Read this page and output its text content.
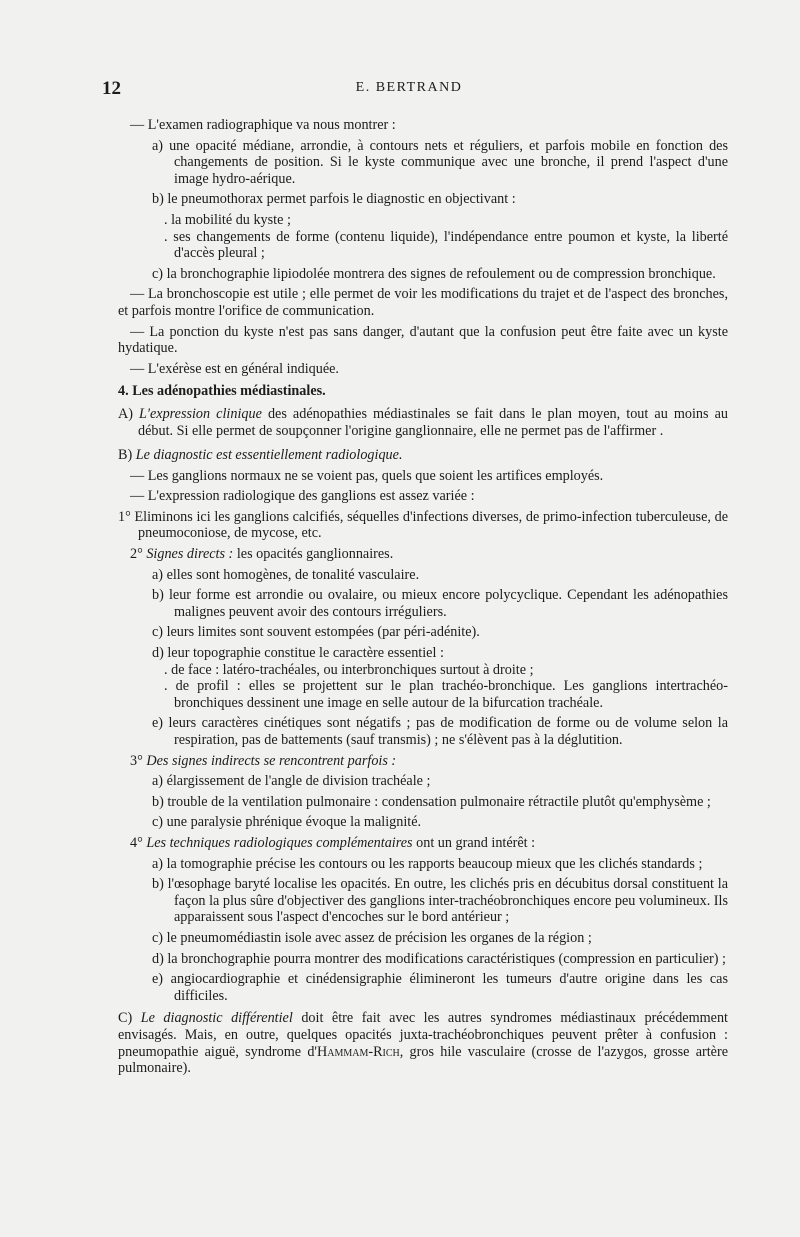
12	E. BERTRAND

— L'examen radiographique va nous montrer :

a) une opacité médiane, arrondie, à contours nets et réguliers, et parfois mobile en fonction des changements de position. Si le kyste communique avec une bronche, il prend l'aspect d'une image hydro-aérique.

b) le pneumothorax permet parfois le diagnostic en objectivant :

. la mobilité du kyste ;

. ses changements de forme (contenu liquide), l'indépendance entre poumon et kyste, la liberté d'accès pleural ;

c) la bronchographie lipiodolée montrera des signes de refoulement ou de compression bronchique.

— La bronchoscopie est utile ; elle permet de voir les modifications du trajet et de l'aspect des bronches, et parfois montre l'orifice de communication.

— La ponction du kyste n'est pas sans danger, d'autant que la confusion peut être faite avec un kyste hydatique.

— L'exérèse est en général indiquée.

4. Les adénopathies médiastinales.

A) L'expression clinique des adénopathies médiastinales se fait dans le plan moyen, tout au moins au début. Si elle permet de soupçonner l'origine ganglionnaire, elle ne permet pas de l'affirmer .

B) Le diagnostic est essentiellement radiologique.

— Les ganglions normaux ne se voient pas, quels que soient les artifices employés.

— L'expression radiologique des ganglions est assez variée :

1° Eliminons ici les ganglions calcifiés, séquelles d'infections diverses, de primo-infection tuberculeuse, de pneumoconiose, de mycose, etc.

2° Signes directs : les opacités ganglionnaires.

a) elles sont homogènes, de tonalité vasculaire.

b) leur forme est arrondie ou ovalaire, ou mieux encore polycyclique. Cependant les adénopathies malignes peuvent avoir des contours irréguliers.

c) leurs limites sont souvent estompées (par péri-adénite).

d) leur topographie constitue le caractère essentiel :

. de face : latéro-trachéales, ou interbronchiques surtout à droite ;

. de profil : elles se projettent sur le plan trachéo-bronchique. Les ganglions intertrachéo-bronchiques dessinent une image en selle autour de la bifurcation trachéale.

e) leurs caractères cinétiques sont négatifs ; pas de modification de forme ou de volume selon la respiration, pas de battements (sauf transmis) ; ne s'élèvent pas à la déglutition.

3° Des signes indirects se rencontrent parfois :

a) élargissement de l'angle de division trachéale ;

b) trouble de la ventilation pulmonaire : condensation pulmonaire rétractile plutôt qu'emphysème ;

c) une paralysie phrénique évoque la malignité.

4° Les techniques radiologiques complémentaires ont un grand intérêt :

a) la tomographie précise les contours ou les rapports beaucoup mieux que les clichés standards ;

b) l'œsophage baryté localise les opacités. En outre, les clichés pris en décubitus dorsal constituent la façon la plus sûre d'objectiver des ganglions inter-trachéobronchiques encore peu volumineux. Ils apparaissent sous l'aspect d'encoches sur le bord antérieur ;

c) le pneumomédiastin isole avec assez de précision les organes de la région ;

d) la bronchographie pourra montrer des modifications caractéristiques (compression en particulier) ;

e) angiocardiographie et cinédensigraphie élimineront les tumeurs d'autre origine dans les cas difficiles.

C) Le diagnostic différentiel doit être fait avec les autres syndromes médiastinaux précédemment envisagés. Mais, en outre, quelques opacités juxta-trachéobronchiques peuvent prêter à confusion : pneumopathie aiguë, syndrome d'Hammam-Rich, gros hile vasculaire (crosse de l'azygos, grosse artère pulmonaire).
